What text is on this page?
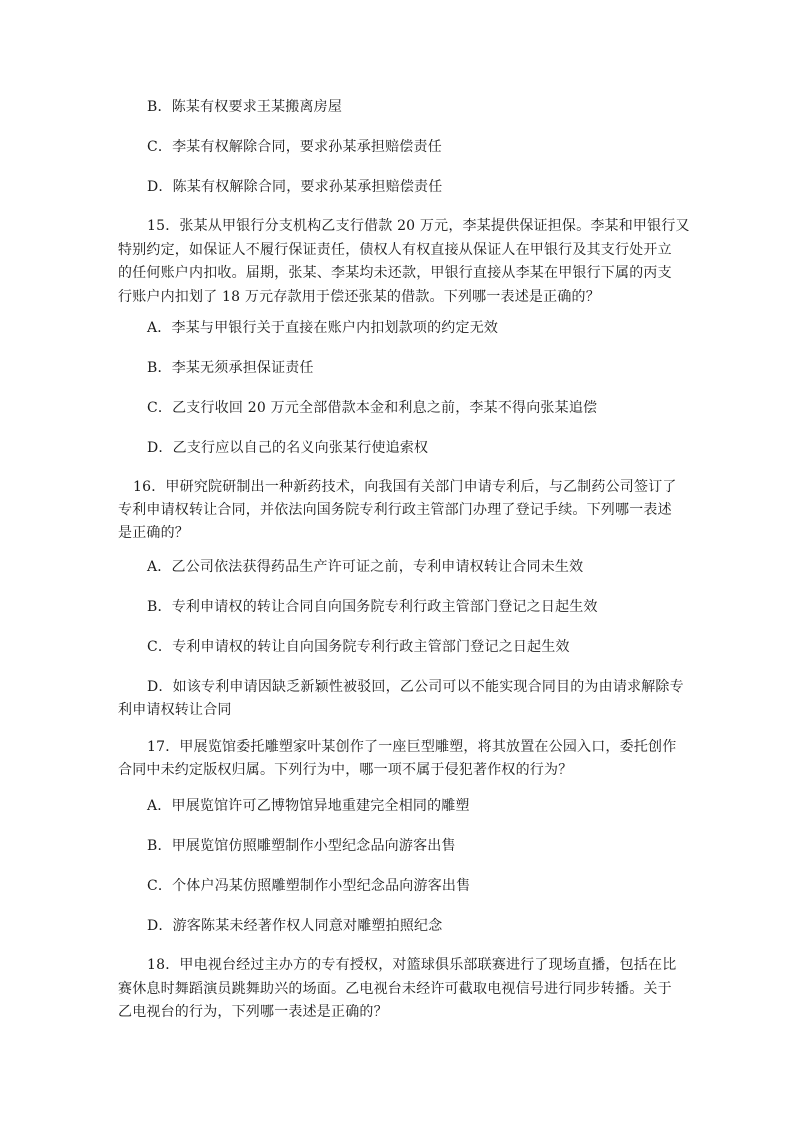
B．陈某有权要求王某搬离房屋
C．李某有权解除合同，要求孙某承担赔偿责任
D．陈某有权解除合同，要求孙某承担赔偿责任
15．张某从甲银行分支机构乙支行借款 20 万元，李某提供保证担保。李某和甲银行又
特别约定，如保证人不履行保证责任，债权人有权直接从保证人在甲银行及其支行处开立
的任何账户内扣收。届期，张某、李某均未还款，甲银行直接从李某在甲银行下属的丙支
行账户内扣划了 18 万元存款用于偿还张某的借款。下列哪一表述是正确的？
A．李某与甲银行关于直接在账户内扣划款项的约定无效
B．李某无须承担保证责任
C．乙支行收回 20 万元全部借款本金和利息之前，李某不得向张某追偿
D．乙支行应以自己的名义向张某行使追索权
16．甲研究院研制出一种新药技术，向我国有关部门申请专利后，与乙制药公司签订了
专利申请权转让合同，并依法向国务院专利行政主管部门办理了登记手续。下列哪一表述
是正确的？
A．乙公司依法获得药品生产许可证之前，专利申请权转让合同未生效
B．专利申请权的转让合同自向国务院专利行政主管部门登记之日起生效
C．专利申请权的转让自向国务院专利行政主管部门登记之日起生效
D．如该专利申请因缺乏新颖性被驳回，乙公司可以不能实现合同目的为由请求解除专
利申请权转让合同
17．甲展览馆委托雕塑家叶某创作了一座巨型雕塑，将其放置在公园入口，委托创作
合同中未约定版权归属。下列行为中，哪一项不属于侵犯著作权的行为？
A．甲展览馆许可乙博物馆异地重建完全相同的雕塑
B．甲展览馆仿照雕塑制作小型纪念品向游客出售
C．个体户冯某仿照雕塑制作小型纪念品向游客出售
D．游客陈某未经著作权人同意对雕塑拍照纪念
18．甲电视台经过主办方的专有授权，对篮球俱乐部联赛进行了现场直播，包括在比
赛休息时舞蹈演员跳舞助兴的场面。乙电视台未经许可截取电视信号进行同步转播。关于
乙电视台的行为，下列哪一表述是正确的？
